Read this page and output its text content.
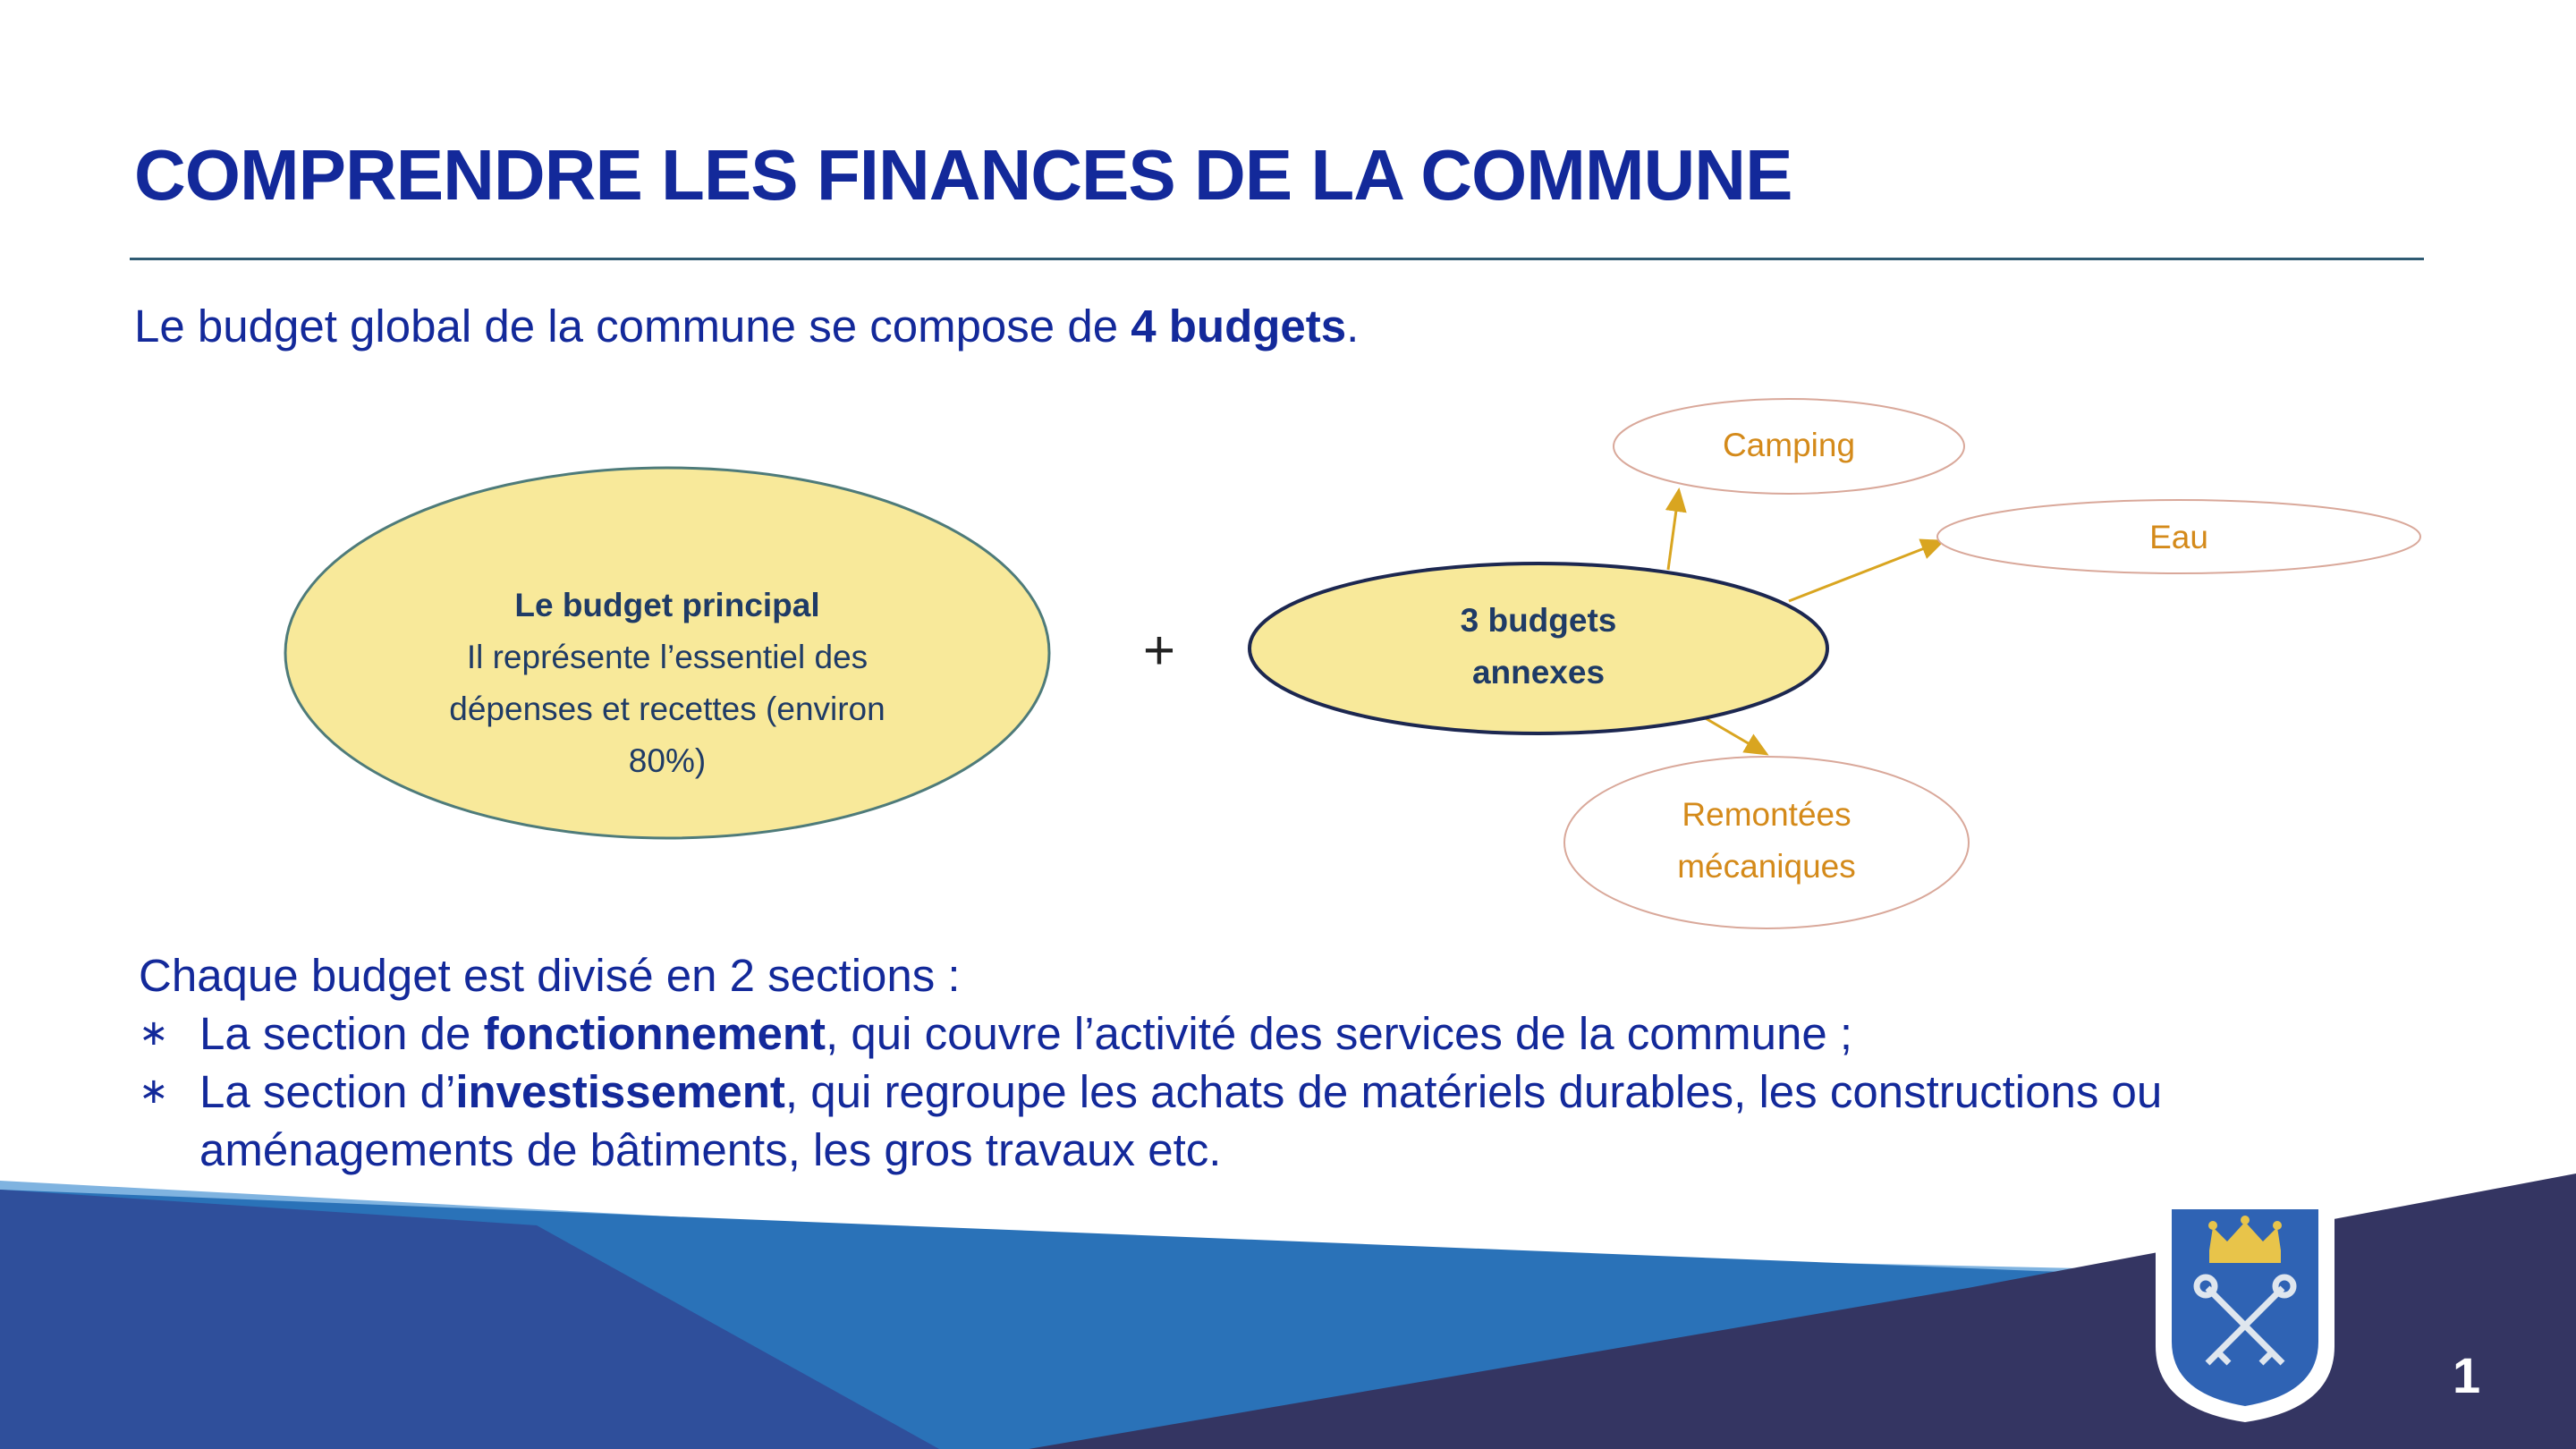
COMPRENDRE LES FINANCES DE LA COMMUNE
Le budget global de la commune se compose de 4 budgets.
Le budget principal
Il représente l’essentiel des
dépenses et recettes (environ
80%)
+	3 budgets
annexes
Camping
Eau
Remontées
mécaniques
Chaque budget est divisé en 2 sections :
∗ La section de fonctionnement, qui couvre l’activité des services de la commune ;
∗ La section d’investissement, qui regroupe les achats de matériels durables, les constructions ou aménagements de bâtiments, les gros travaux etc.
1
